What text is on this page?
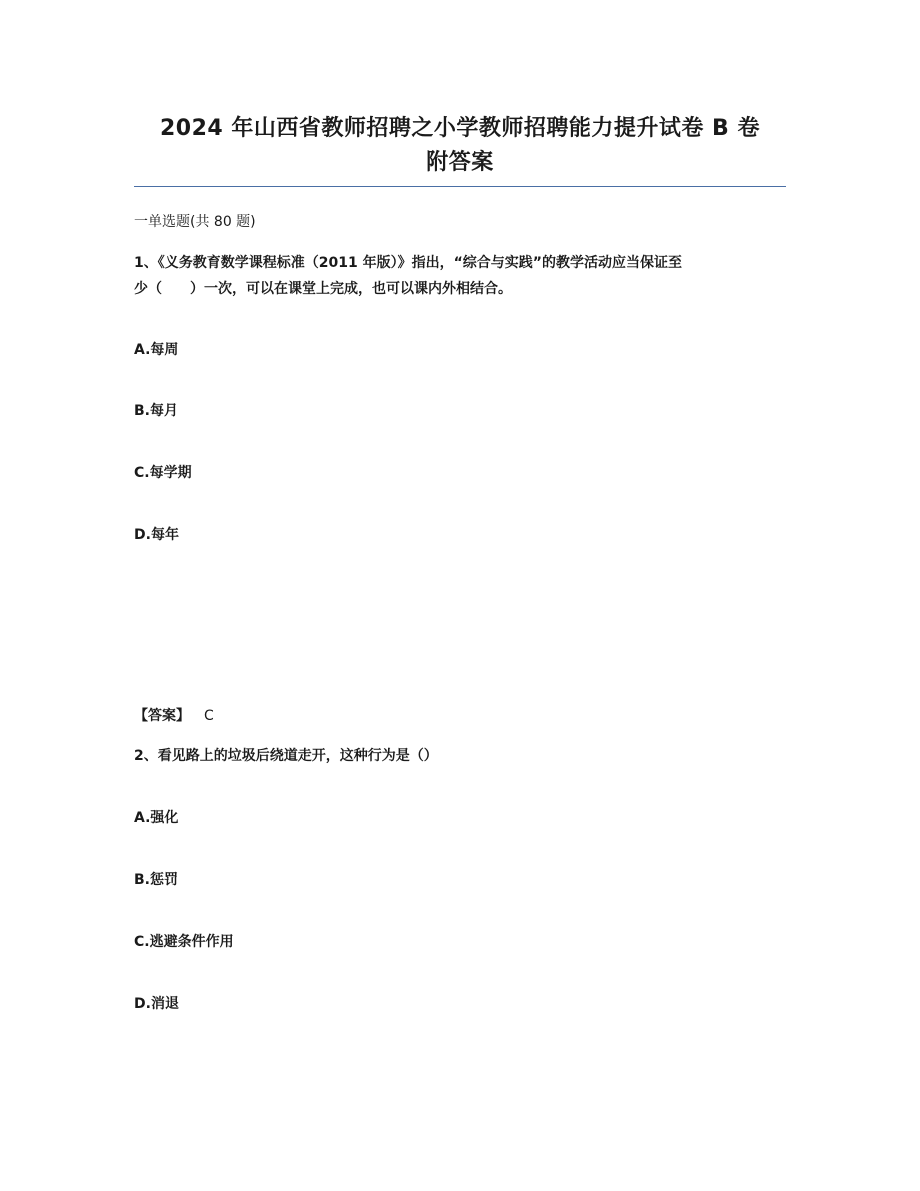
2024 年山西省教师招聘之小学教师招聘能力提升试卷 B 卷
附答案
一单选题(共 80 题)
1、《义务教育数学课程标准（2011 年版）》指出，“综合与实践”的教学活动应当保证至
少（　　）一次，可以在课堂上完成，也可以课内外相结合。
A.每周
B.每月
C.每学期
D.每年
【答案】 C
2、看见路上的垃圾后绕道走开，这种行为是（）
A.强化
B.惩罚
C.逃避条件作用
D.消退
